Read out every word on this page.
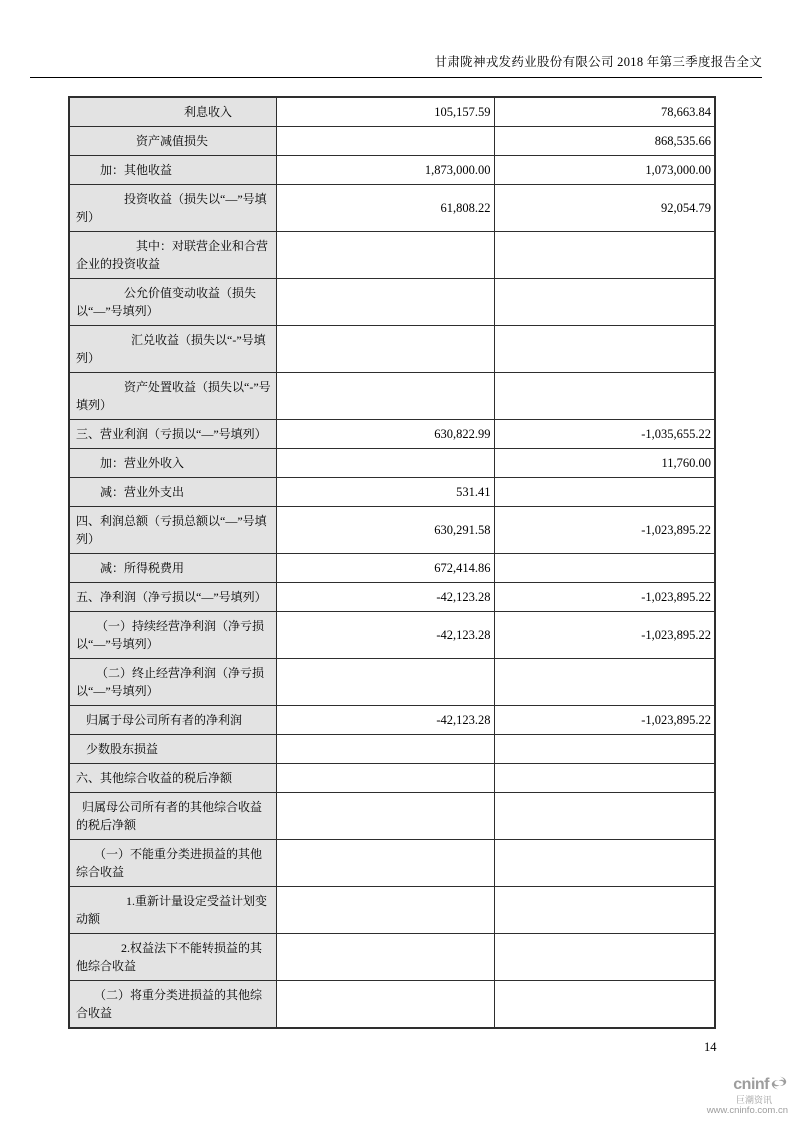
甘肃陇神戎发药业股份有限公司 2018 年第三季度报告全文
利息收入	105,157.59	78,663.84
资产减值损失		868,535.66
加：其他收益	1,873,000.00	1,073,000.00
投资收益（损失以“—”号填列）	61,808.22	92,054.79
其中：对联营企业和合营企业的投资收益		
公允价值变动收益（损失以“—”号填列）		
汇兑收益（损失以“-”号填列）		
资产处置收益（损失以“-”号填列）		
三、营业利润（亏损以“—”号填列）	630,822.99	-1,035,655.22
加：营业外收入		11,760.00
减：营业外支出	531.41	
四、利润总额（亏损总额以“—”号填列）	630,291.58	-1,023,895.22
减：所得税费用	672,414.86	
五、净利润（净亏损以“—”号填列）	-42,123.28	-1,023,895.22
（一）持续经营净利润（净亏损以“—”号填列）	-42,123.28	-1,023,895.22
（二）终止经营净利润（净亏损以“—”号填列）		
归属于母公司所有者的净利润	-42,123.28	-1,023,895.22
少数股东损益		
六、其他综合收益的税后净额		
归属母公司所有者的其他综合收益的税后净额		
（一）不能重分类进损益的其他综合收益		
1.重新计量设定受益计划变动额		
2.权益法下不能转损益的其他综合收益		
（二）将重分类进损益的其他综合收益		
14
cninf
巨潮资讯
www.cninfo.com.cn
